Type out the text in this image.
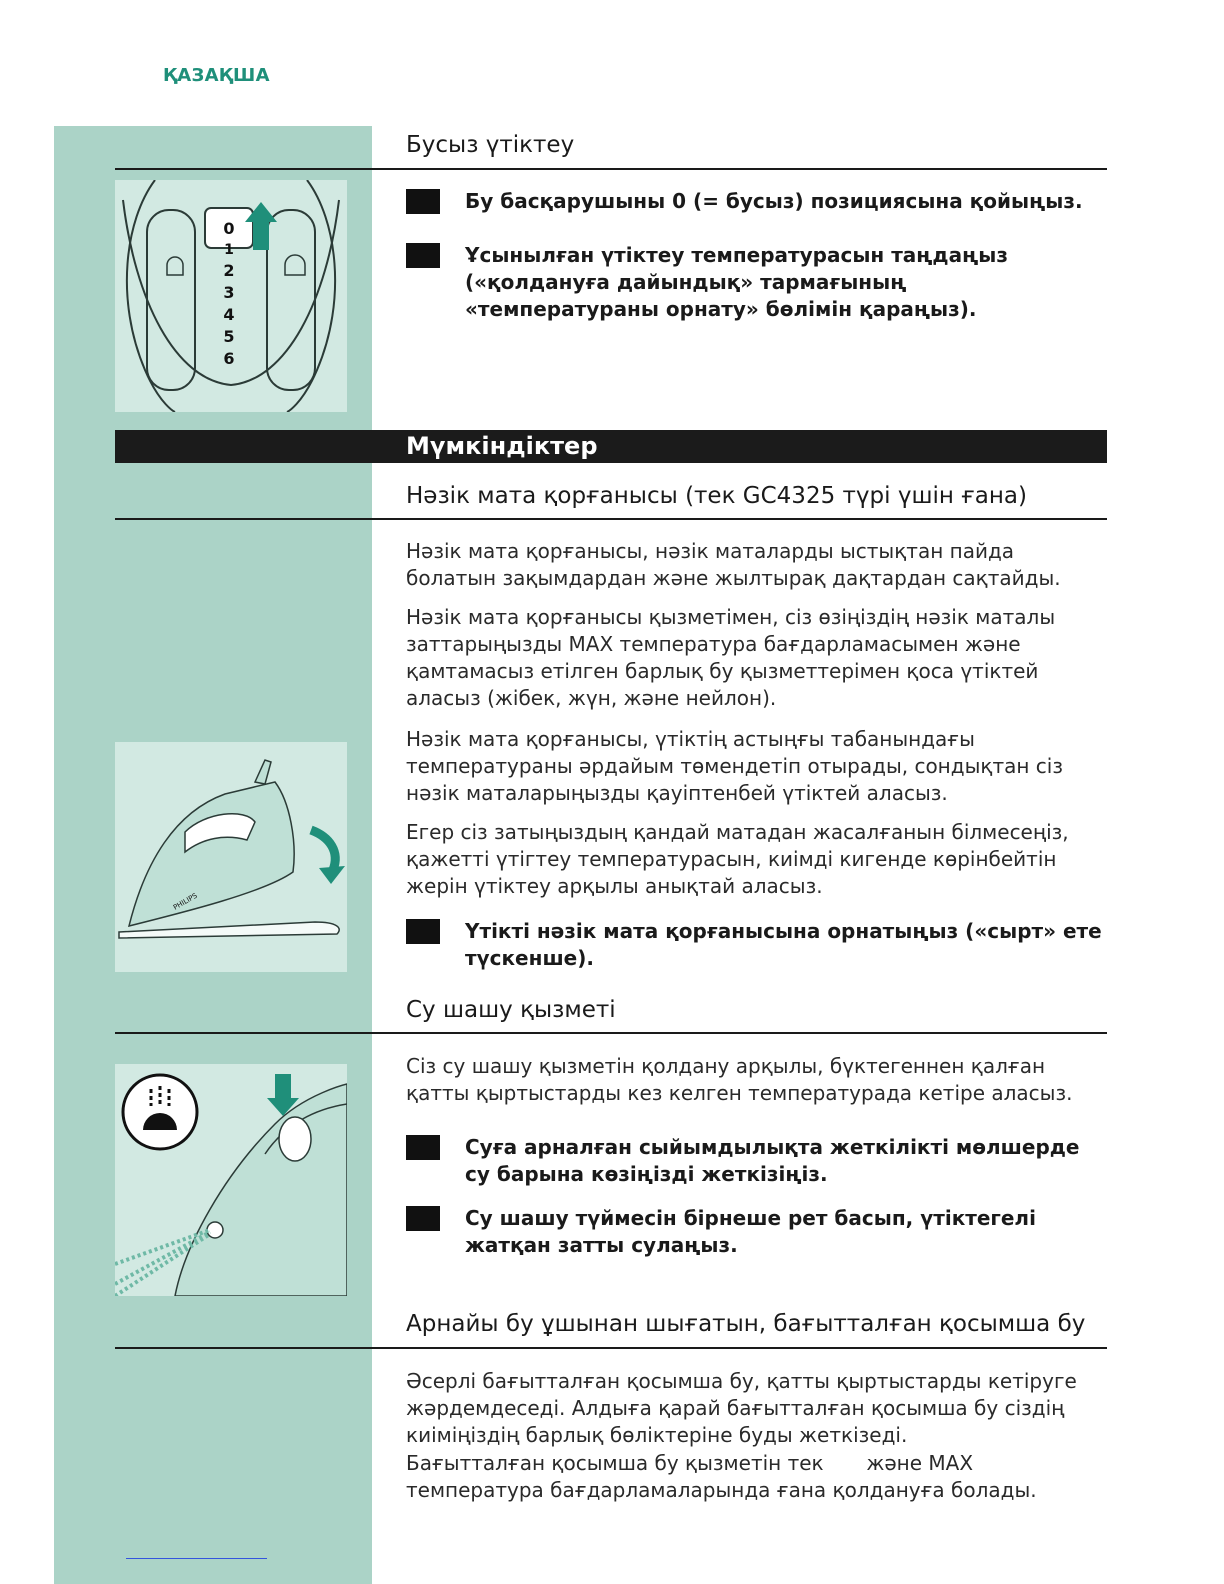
ҚАЗАҚША
Бусыз үтіктеу
0
1
2
3
4
5
6
Бу басқарушыны 0 (= бусыз) позициясына қойыңыз.
Ұсынылған үтіктеу температурасын таңдаңыз («қолдануға дайындық» тармағының «температураны орнату» бөлімін қараңыз).
Мүмкіндіктер
Нәзік мата қорғанысы (тек GC4325 түрі үшін ғана)
Нәзік мата қорғанысы, нәзік маталарды ыстықтан пайда болатын зақымдардан және жылтырақ дақтардан сақтайды.
Нәзік мата қорғанысы қызметімен, сіз өзіңіздің нәзік маталы заттарыңызды MAX температура бағдарламасымен және қамтамасыз етілген барлық бу қызметтерімен қоса үтіктей аласыз (жібек, жүн, және нейлон).
Нәзік мата қорғанысы, үтіктің астыңғы табанындағы температураны әрдайым төмендетіп отырады, сондықтан сіз нәзік маталарыңызды қауіптенбей үтіктей аласыз.
Егер сіз затыңыздың қандай матадан жасалғанын білмесеңіз, қажетті үтігтеу температурасын, киімді кигенде көрінбейтін жерін үтіктеу арқылы анықтай аласыз.
PHILIPS
Үтікті нәзік мата қорғанысына орнатыңыз («сырт» ете түскенше).
Су шашу қызметі
Сіз су шашу қызметін қолдану арқылы, бүктегеннен қалған қатты қыртыстарды кез келген температурада кетіре аласыз.
Суға арналған сыйымдылықта жеткілікті мөлшерде су барына көзіңізді жеткізіңіз.
Су шашу түймесін бірнеше рет басып, үтіктегелі жатқан затты сулаңыз.
Арнайы бу ұшынан шығатын, бағытталған қосымша бу
Әсерлі бағытталған қосымша бу, қатты қыртыстарды кетіруге жәрдемдеседі. Алдыға қарай бағытталған қосымша бу сіздің киіміңіздің барлық бөліктеріне буды жеткізеді.
Бағытталған қосымша бу қызметін тек және MAX температура бағдарламаларында ғана қолдануға болады.
